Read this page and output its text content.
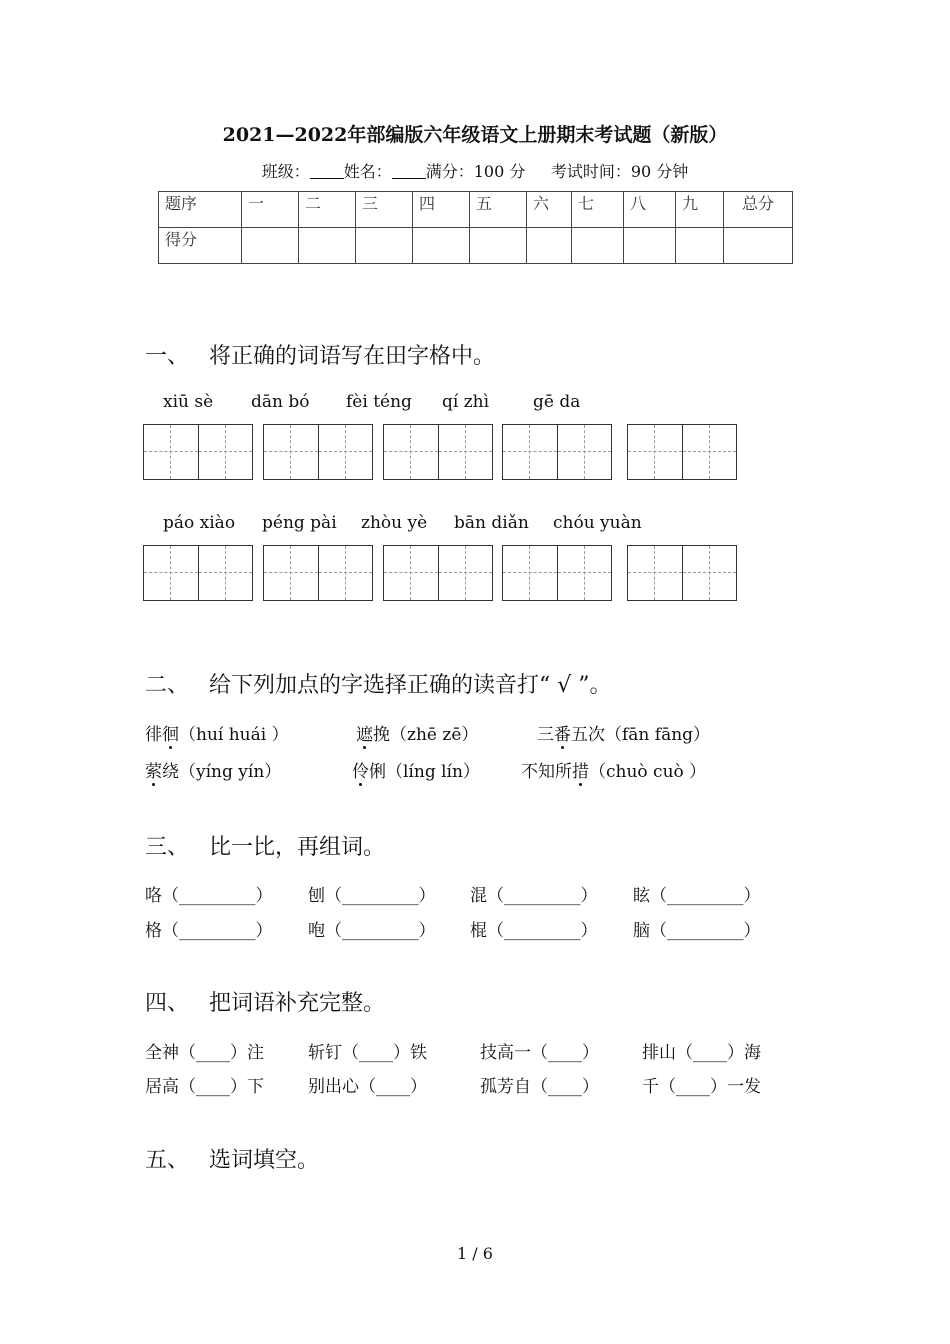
2021—2022年部编版六年级语文上册期末考试题（新版）
班级： 姓名： 满分：100 分 考试时间：90 分钟
题序	一	二	三	四	五	六	七	八	九	总分
得分										
一、 将正确的词语写在田字格中。
xiū sè dān bó fèi téng qí zhì	gē da
páo xiào péng pài zhòu yè bān diǎn chóu yuàn
二、 给下列加点的字选择正确的读音打“ √ ”。
徘徊（huí huái ）	遮挽（zhē zē）	三番五次（fān fāng）
萦绕（yíng yín）	伶俐（líng lín） 不知所措（chuò cuò ）
三、 比一比，再组词。
咯（_________） 刨（_________） 混（_________） 眩（_________）
格（_________） 咆（_________） 棍（_________） 脑（_________）
四、 把词语补充完整。
全神（____）注	斩钉（____）铁	技高一（____）	排山（____）海
居高（____）下	别出心（____）	孤芳自（____）	千（____）一发
五、 选词填空。
1 / 6
